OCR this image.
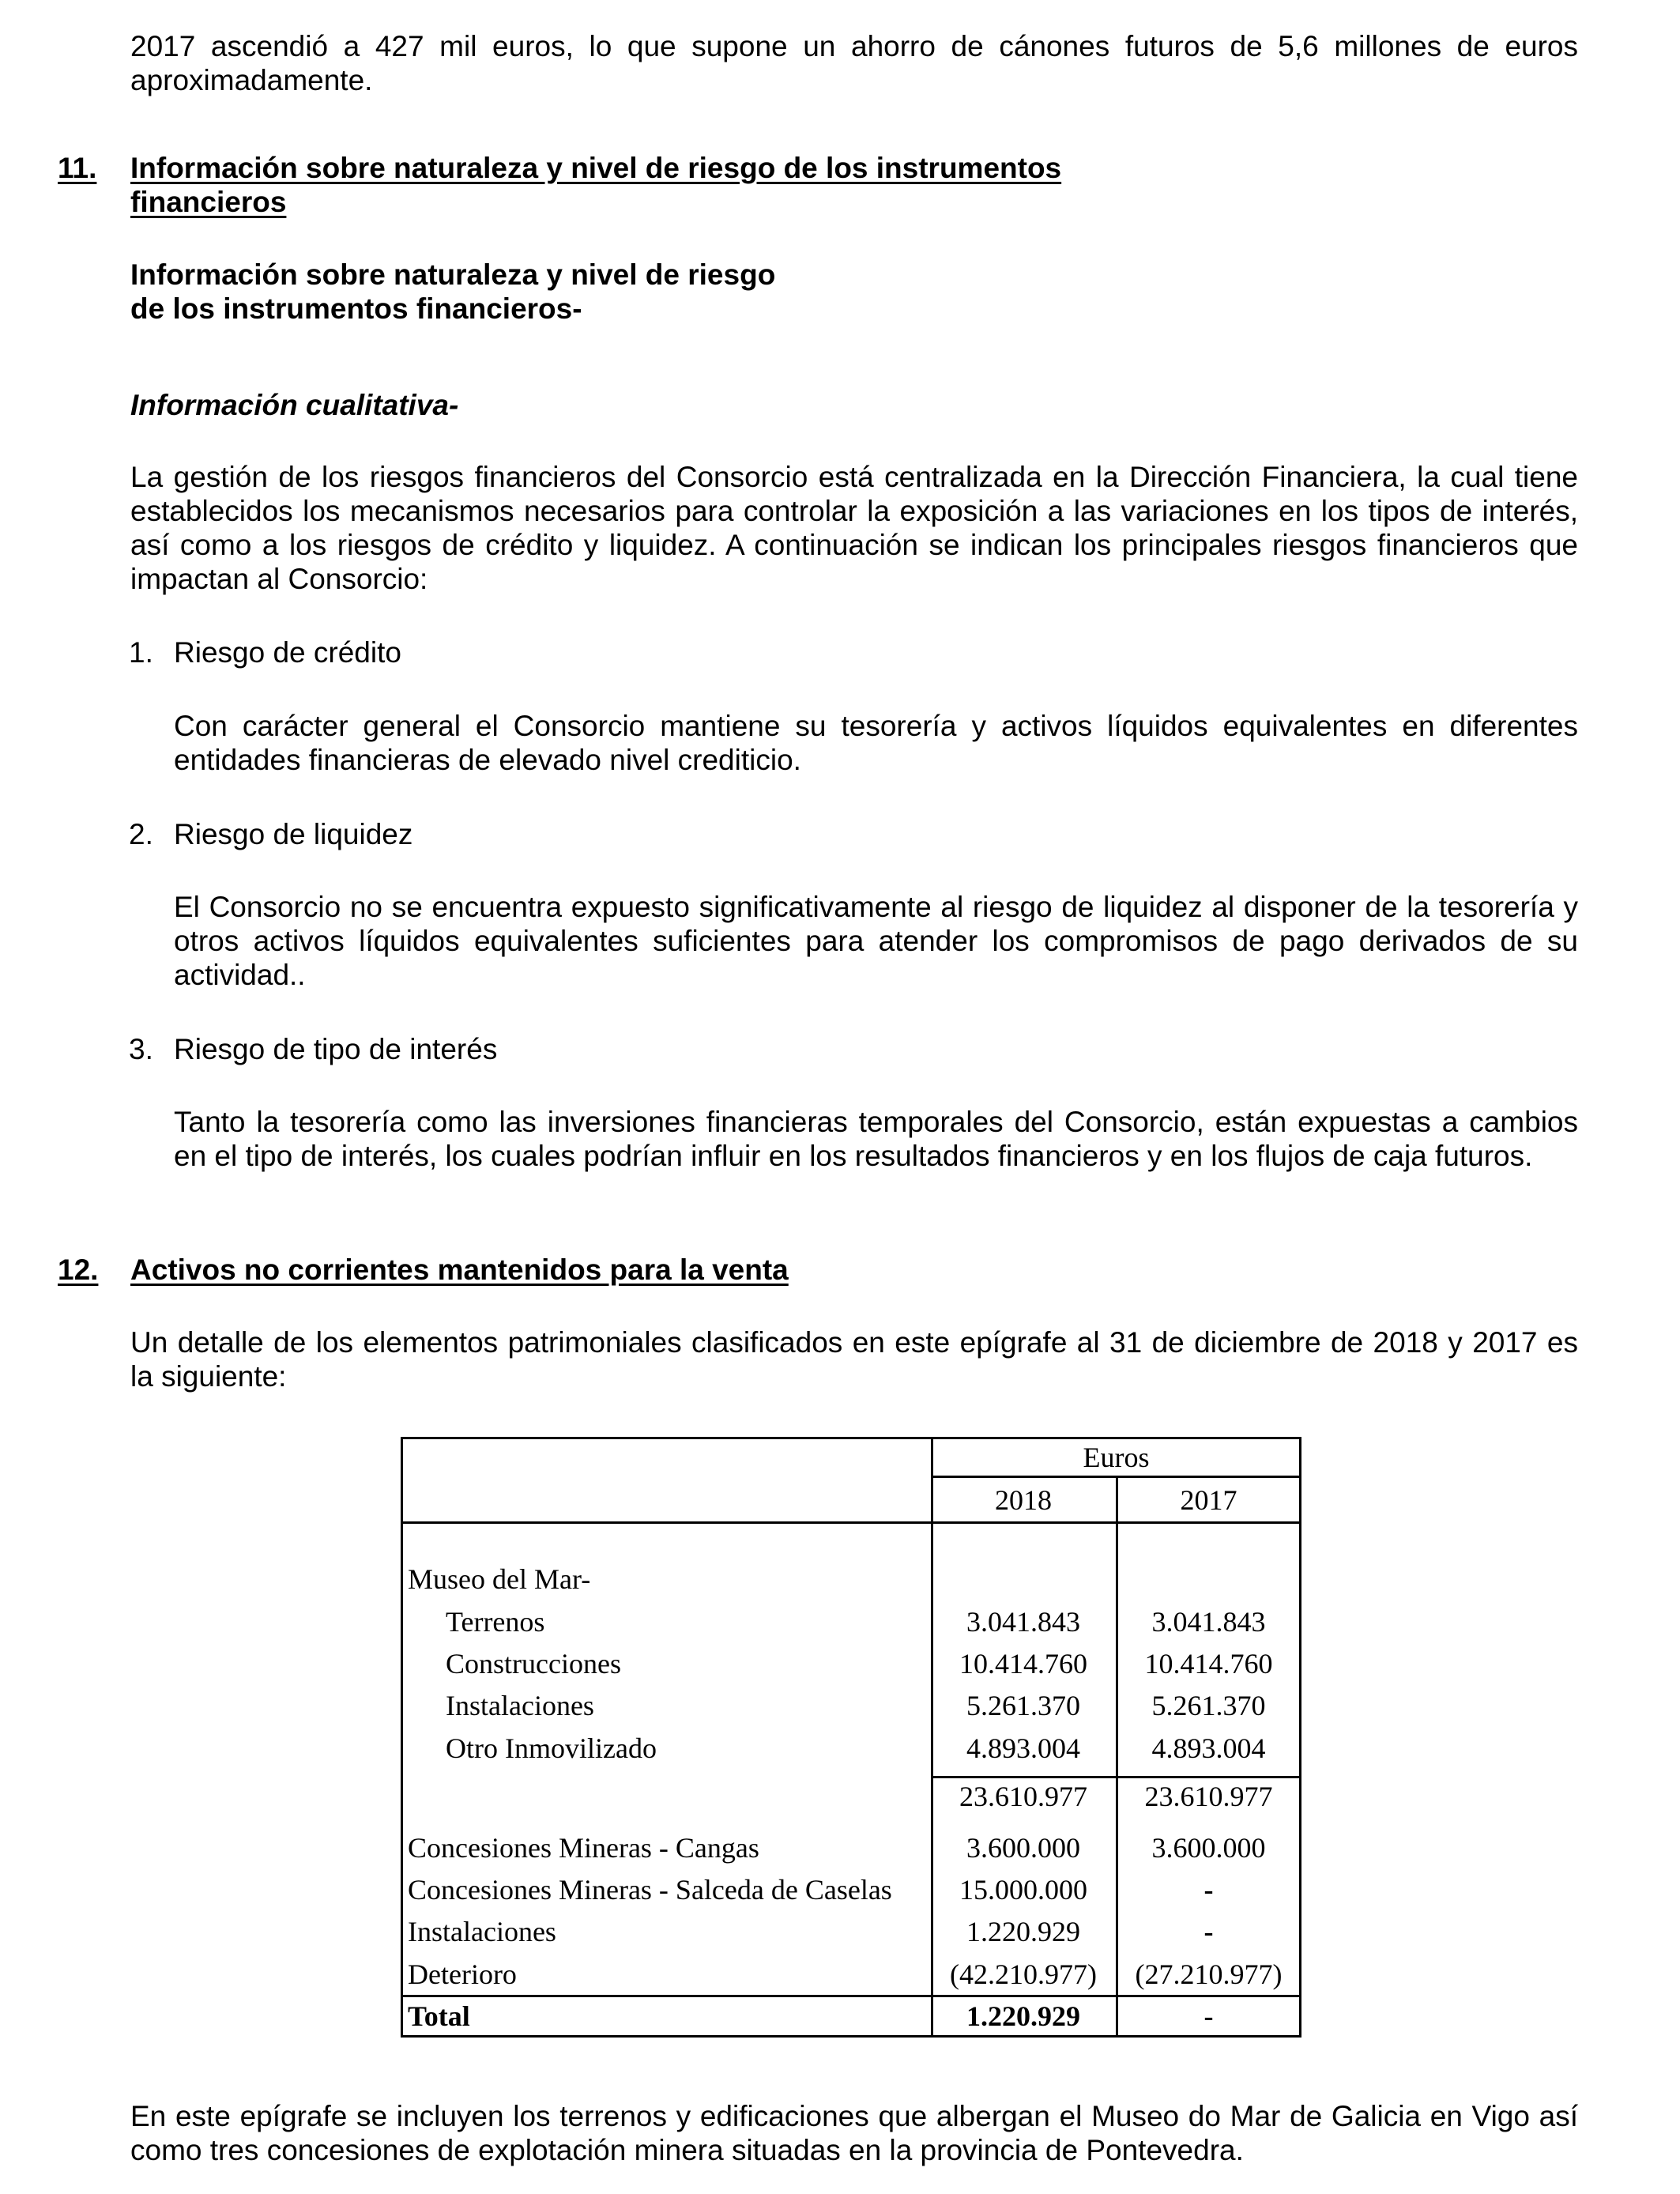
2017 ascendió a 427 mil euros, lo que supone un ahorro de cánones futuros de 5,6 millones de euros

aproximadamente.

11. Información sobre naturaleza y nivel de riesgo de los instrumentos
financieros
Información sobre naturaleza y nivel de riesgo
de los instrumentos financieros-
Información cualitativa-

La gestión de los riesgos financieros del Consorcio está centralizada en la Dirección Financiera, la cual tiene establecidos los mecanismos necesarios para controlar la exposición a las variaciones en los tipos de interés, así como a los riesgos de crédito y liquidez. A continuación se indican los principales riesgos financieros que impactan al Consorcio:

1. Riesgo de crédito

Con carácter general el Consorcio mantiene su tesorería y activos líquidos equivalentes en diferentes entidades financieras de elevado nivel crediticio.

2. Riesgo de liquidez

El Consorcio no se encuentra expuesto significativamente al riesgo de liquidez al disponer de la tesorería y otros activos líquidos equivalentes suficientes para atender los compromisos de pago derivados de su actividad..

3. Riesgo de tipo de interés

Tanto la tesorería como las inversiones financieras temporales del Consorcio, están expuestas a cambios en el tipo de interés, los cuales podrían influir en los resultados financieros y en los flujos de caja futuros.

12. Activos no corrientes mantenidos para la venta

Un detalle de los elementos patrimoniales clasificados en este epígrafe al 31 de diciembre de 2018 y 2017 es la siguiente:

Euros
2018	2017
Museo del Mar-
Terrenos	3.041.843	3.041.843
Construcciones	10.414.760	10.414.760
Instalaciones	5.261.370	5.261.370
Otro Inmovilizado	4.893.004	4.893.004
23.610.977	23.610.977
Concesiones Mineras - Cangas	3.600.000	3.600.000
Concesiones Mineras - Salceda de Caselas	15.000.000	-
Instalaciones	1.220.929	-
Deterioro	(42.210.977)	(27.210.977)
Total	1.220.929	-

En este epígrafe se incluyen los terrenos y edificaciones que albergan el Museo do Mar de Galicia en Vigo así como tres concesiones de explotación minera situadas en la provincia de Pontevedra.
